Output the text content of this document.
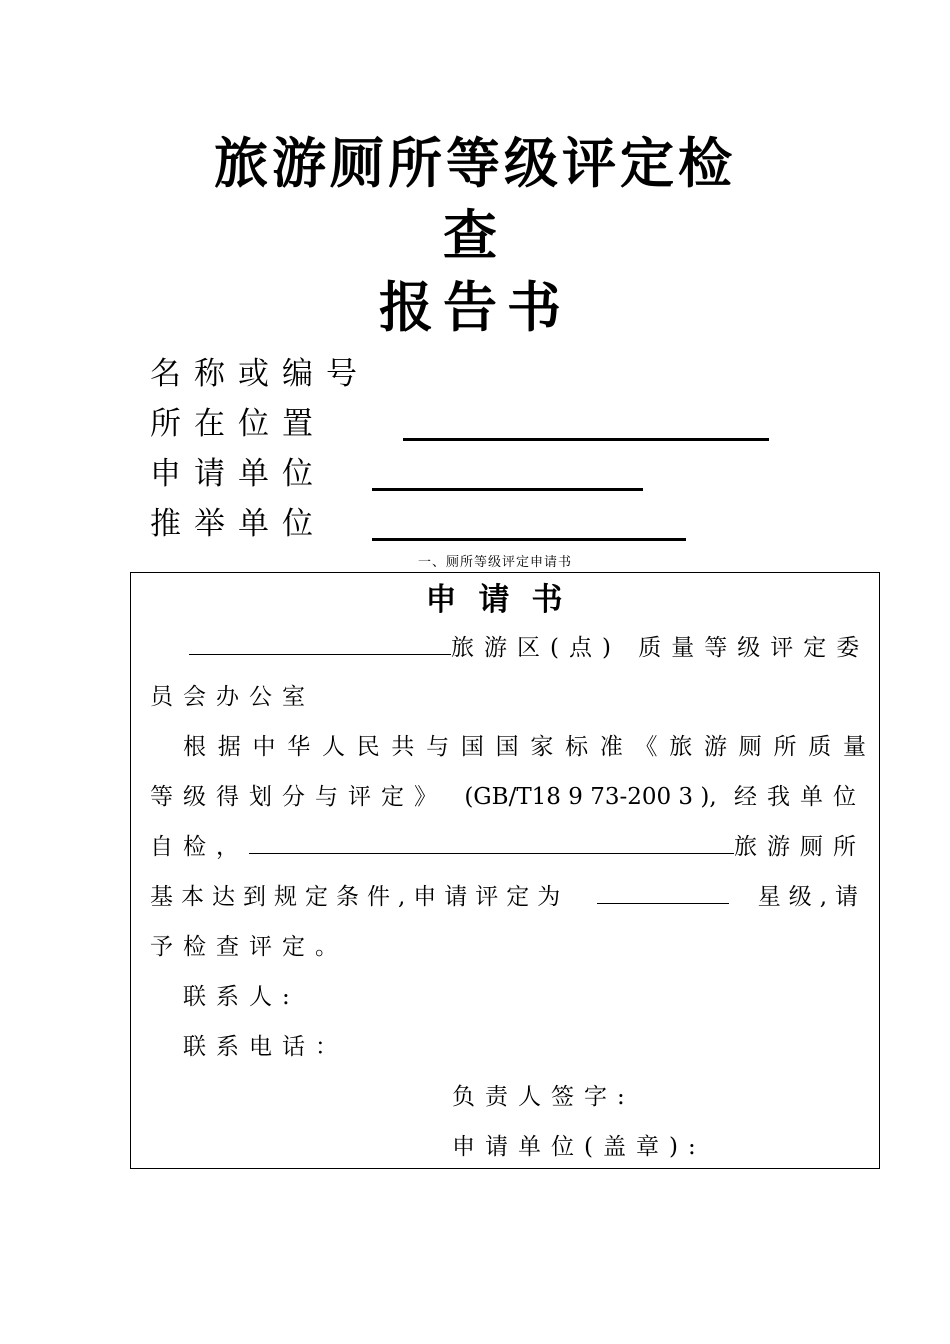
旅游厕所等级评定检
查
报告书
名称或编号
所在位置
申请单位
推举单位
一、厕所等级评定申请书
申请书
旅游区(点) 质量等级评定委
员会办公室
根 据 中 华 人 民 共 与 国 国 家 标 准 《 旅 游 厕 所 质 量
等级得划分与评定》 (GB/T18 9 73-200 3 ), 经我单位
自检，	旅游厕所
基本达到规定条件,申请评定为	星级,请
予检查评定。
联系人:
联系电话：
负责人签字:
申请单位(盖章):
